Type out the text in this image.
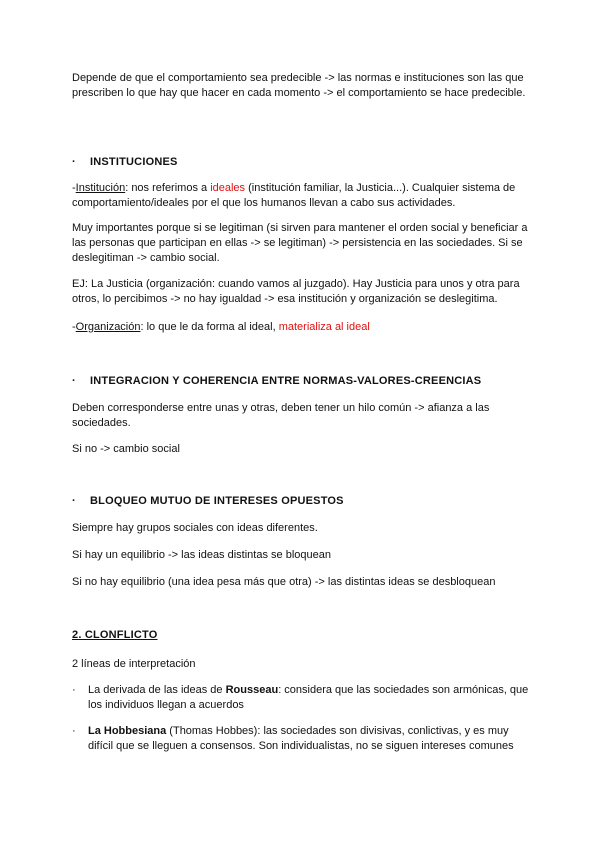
Depende de que el comportamiento sea predecible -> las normas e instituciones son las que prescriben lo que hay que hacer en cada momento -> el comportamiento se hace predecible.

· INSTITUCIONES

-Institución: nos referimos a ideales (institución familiar, la Justicia...). Cualquier sistema de comportamiento/ideales por el que los humanos llevan a cabo sus actividades.

Muy importantes porque si se legitiman (si sirven para mantener el orden social y beneficiar a las personas que participan en ellas -> se legitiman) -> persistencia en las sociedades. Si se deslegitiman -> cambio social.

EJ: La Justicia (organización: cuando vamos al juzgado). Hay Justicia para unos y otra para otros, lo percibimos -> no hay igualdad -> esa institución y organización se deslegitima.

-Organización: lo que le da forma al ideal, materializa al ideal

· INTEGRACION Y COHERENCIA ENTRE NORMAS-VALORES-CREENCIAS

Deben corresponderse entre unas y otras, deben tener un hilo común -> afianza a las sociedades.

Si no -> cambio social

· BLOQUEO MUTUO DE INTERESES OPUESTOS

Siempre hay grupos sociales con ideas diferentes.

Si hay un equilibrio -> las ideas distintas se bloquean

Si no hay equilibrio (una idea pesa más que otra) -> las distintas ideas se desbloquean

2. CLONFLICTO

2 líneas de interpretación

·	La derivada de las ideas de Rousseau: considera que las sociedades son armónicas, que los individuos llegan a acuerdos
·	La Hobbesiana (Thomas Hobbes): las sociedades son divisivas, conlictivas, y es muy difícil que se lleguen a consensos. Son individualistas, no se siguen intereses comunes
